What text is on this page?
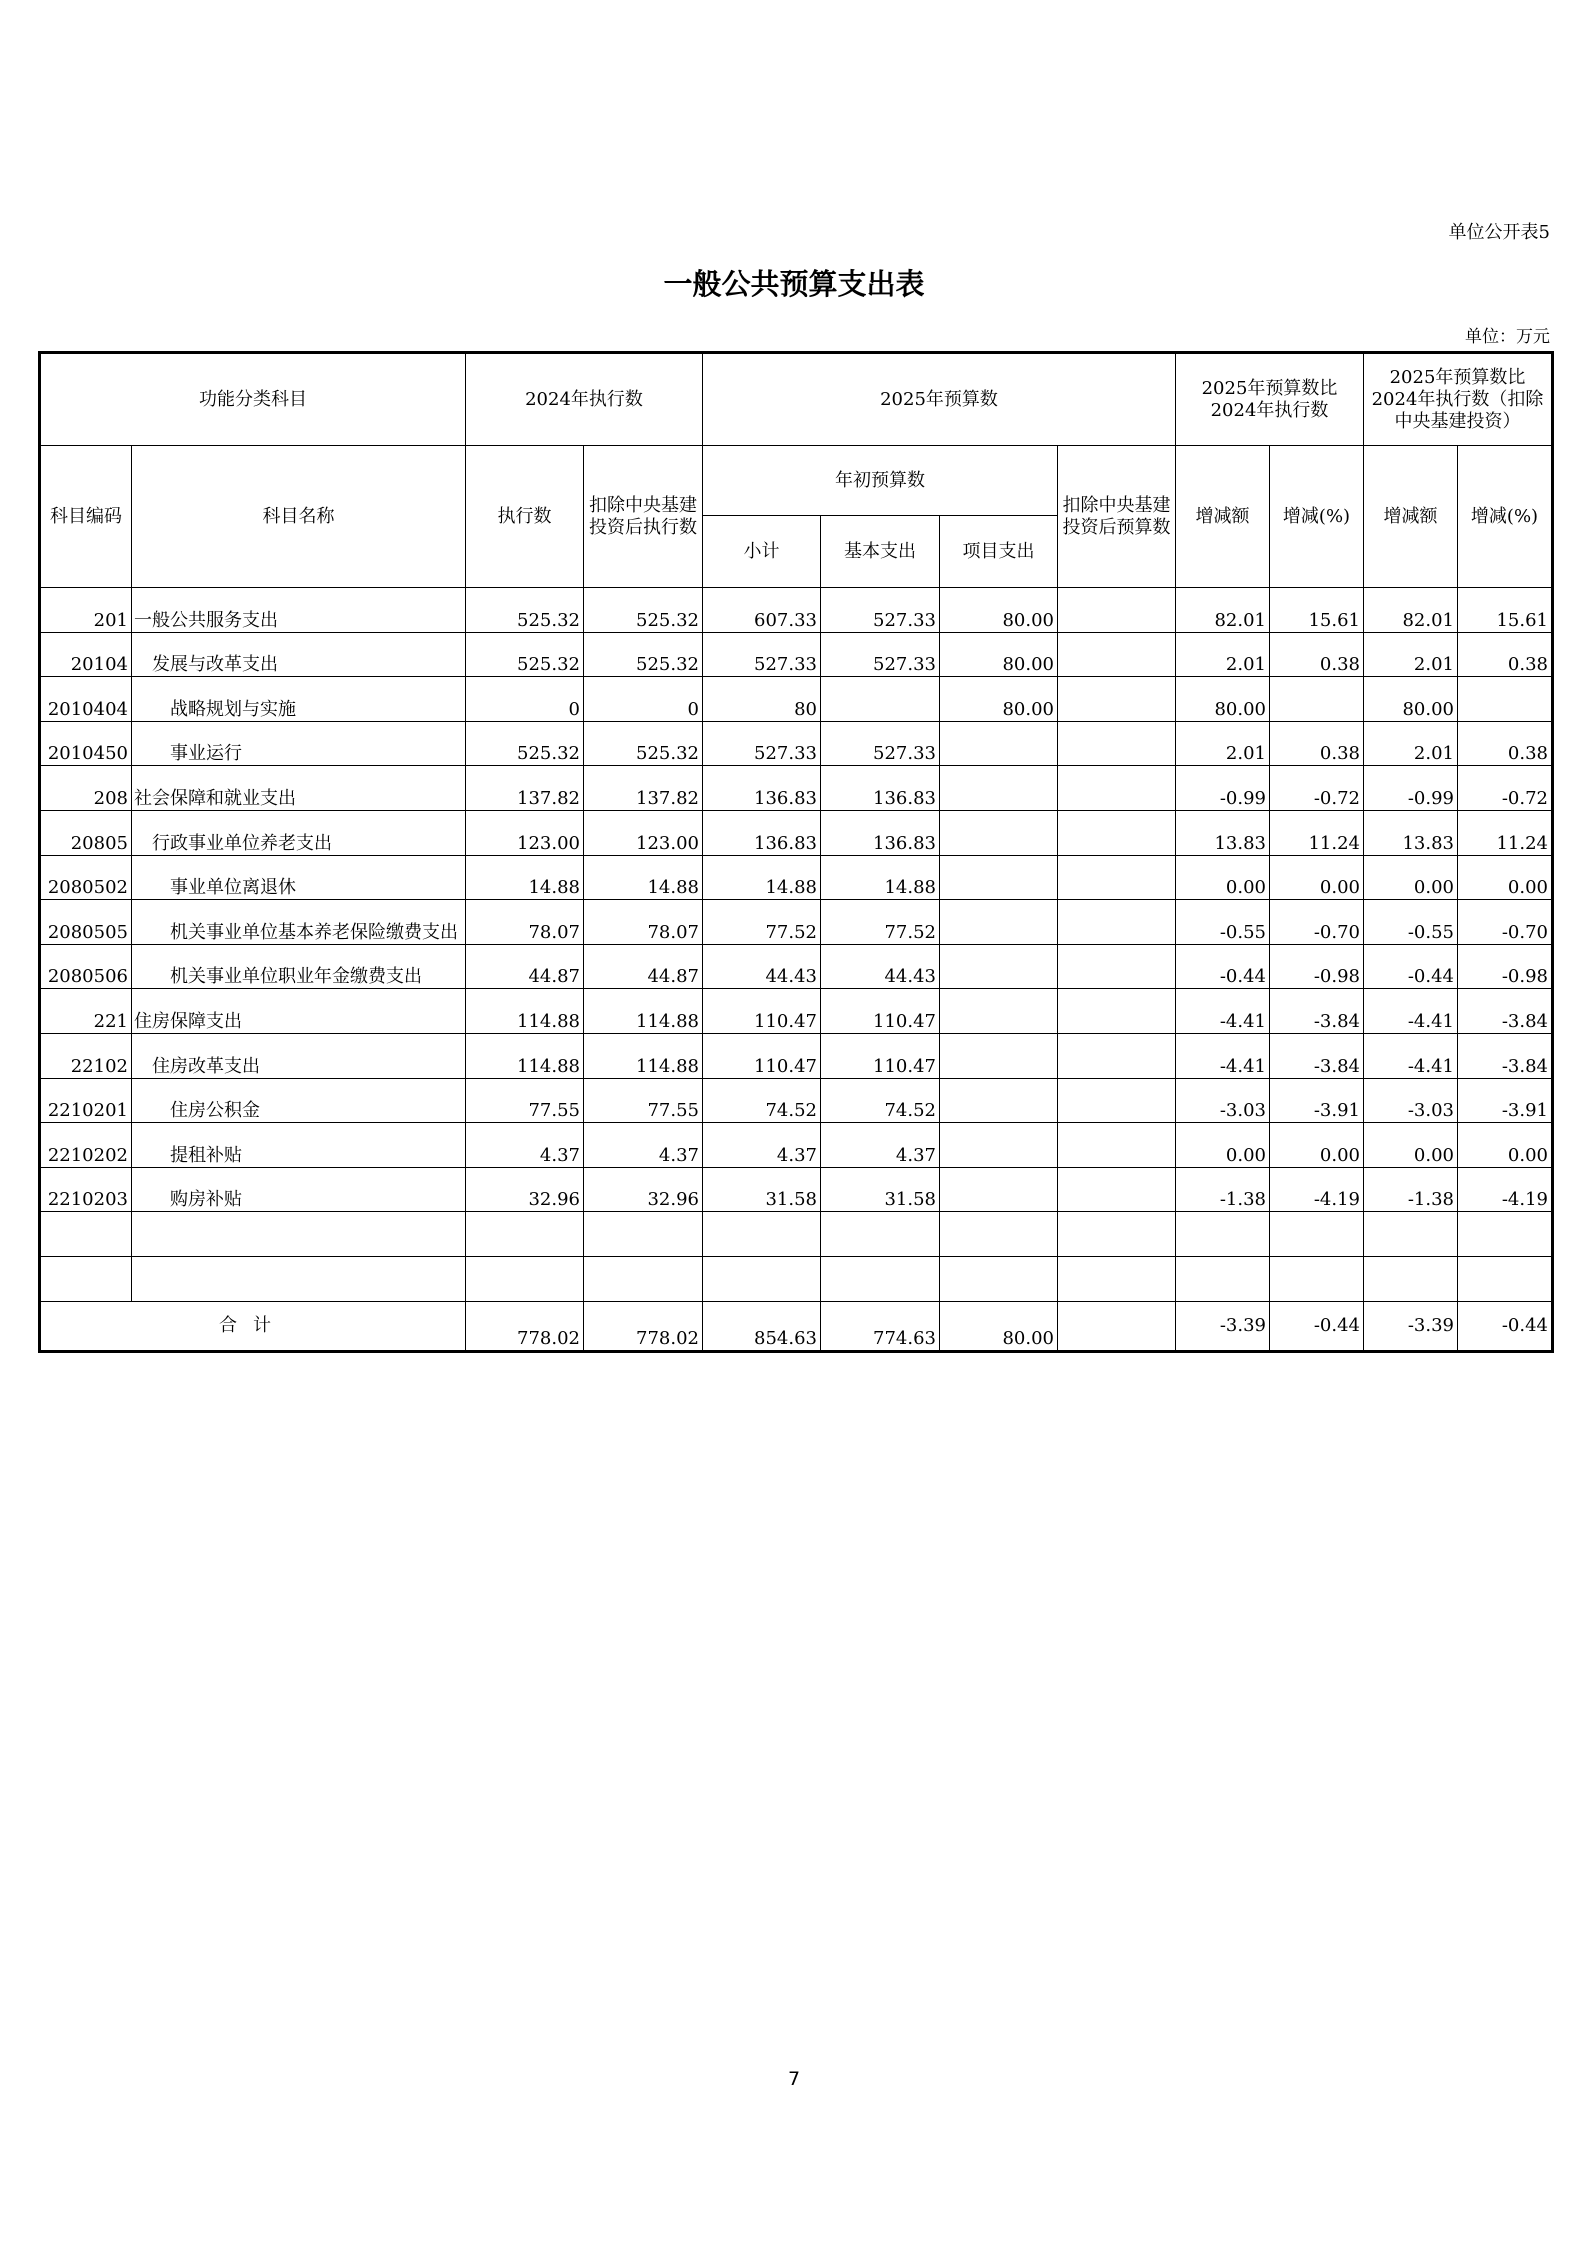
单位公开表5
一般公共预算支出表
单位：万元
功能分类科目		2024年执行数		2025年预算数				2025年预算数比2024年执行数		2025年预算数比2024年执行数（扣除中央基建投资）	
科目编码	科目名称	执行数	扣除中央基建投资后执行数	年初预算数			扣除中央基建投资后预算数	增减额	增减(%)	增减额	增减(%)
				小计	基本支出	项目支出					
201	一般公共服务支出	525.32	525.32	607.33	527.33	80.00		82.01	15.61	82.01	15.61
20104	发展与改革支出	525.32	525.32	527.33	527.33	80.00		2.01	0.38	2.01	0.38
2010404	战略规划与实施	0	0	80		80.00		80.00		80.00	
2010450	事业运行	525.32	525.32	527.33	527.33			2.01	0.38	2.01	0.38
208	社会保障和就业支出	137.82	137.82	136.83	136.83			-0.99	-0.72	-0.99	-0.72
20805	行政事业单位养老支出	123.00	123.00	136.83	136.83			13.83	11.24	13.83	11.24
2080502	事业单位离退休	14.88	14.88	14.88	14.88			0.00	0.00	0.00	0.00
2080505	机关事业单位基本养老保险缴费支出	78.07	78.07	77.52	77.52			-0.55	-0.70	-0.55	-0.70
2080506	机关事业单位职业年金缴费支出	44.87	44.87	44.43	44.43			-0.44	-0.98	-0.44	-0.98
221	住房保障支出	114.88	114.88	110.47	110.47			-4.41	-3.84	-4.41	-3.84
22102	住房改革支出	114.88	114.88	110.47	110.47			-4.41	-3.84	-4.41	-3.84
2210201	住房公积金	77.55	77.55	74.52	74.52			-3.03	-3.91	-3.03	-3.91
2210202	提租补贴	4.37	4.37	4.37	4.37			0.00	0.00	0.00	0.00
2210203	购房补贴	32.96	32.96	31.58	31.58			-1.38	-4.19	-1.38	-4.19

合计		778.02	778.02	854.63	774.63	80.00		-3.39	-0.44	-3.39	-0.44
7
